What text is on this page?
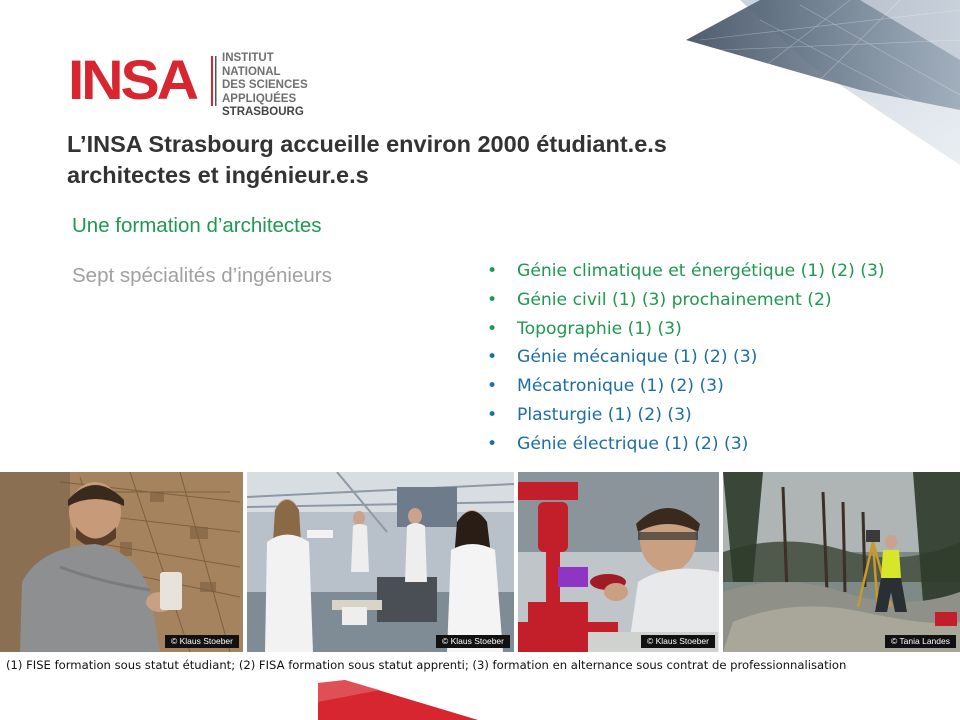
INSA INSTITUT NATIONAL
DES SCIENCES
APPLIQUÉES
STRASBOURG
L’INSA Strasbourg accueille environ 2000 étudiant.e.s
architectes et ingénieur.e.s
Une formation d’architectes
Sept spécialités d’ingénieurs	• Génie climatique et énergétique (1) (2) (3)
• Génie civil (1) (3) prochainement (2)
• Topographie (1) (3)
• Génie mécanique (1) (2) (3)
• Mécatronique (1) (2) (3)
• Plasturgie (1) (2) (3)
• Génie électrique (1) (2) (3)
© Klaus Stoeber	© Klaus Stoeber	© Klaus Stoeber	© Tania Landes
(1) FISE formation sous statut étudiant; (2) FISA formation sous statut apprenti; (3) formation en alternance sous contrat de professionnalisation
